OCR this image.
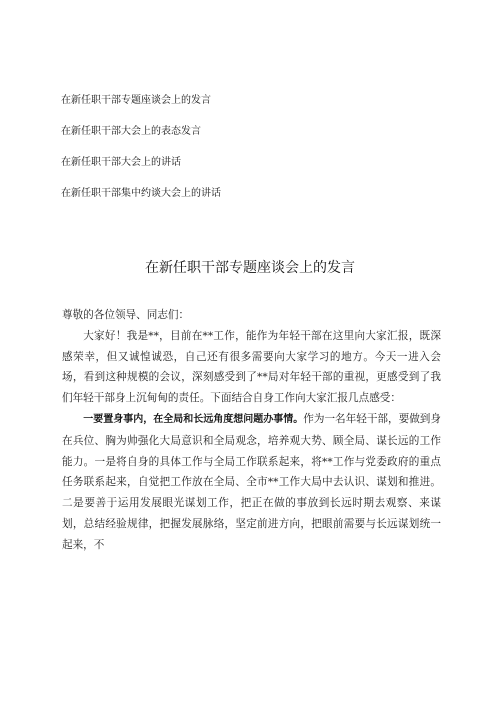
在新任职干部专题座谈会上的发言
在新任职干部大会上的表态发言
在新任职干部大会上的讲话
在新任职干部集中约谈大会上的讲话
在新任职干部专题座谈会上的发言

尊敬的各位领导、同志们：

大家好！我是**，目前在**工作，能作为年轻干部在这里向大家汇报，既深感荣幸，但又诚惶诚恐，自己还有很多需要向大家学习的地方。今天一进入会场，看到这种规模的会议，深刻感受到了**局对年轻干部的重视，更感受到了我们年轻干部身上沉甸甸的责任。下面结合自身工作向大家汇报几点感受：

一要置身事内，在全局和长远角度想问题办事情。作为一名年轻干部，要做到身在兵位、胸为帅强化大局意识和全局观念，培养观大势、顾全局、谋长远的工作能力。一是将自身的具体工作与全局工作联系起来，将**工作与党委政府的重点任务联系起来，自觉把工作放在全局、全市**工作大局中去认识、谋划和推进。二是要善于运用发展眼光谋划工作，把正在做的事放到长远时期去观察、来谋划，总结经验规律，把握发展脉络，坚定前进方向，把眼前需要与长远谋划统一起来，不
